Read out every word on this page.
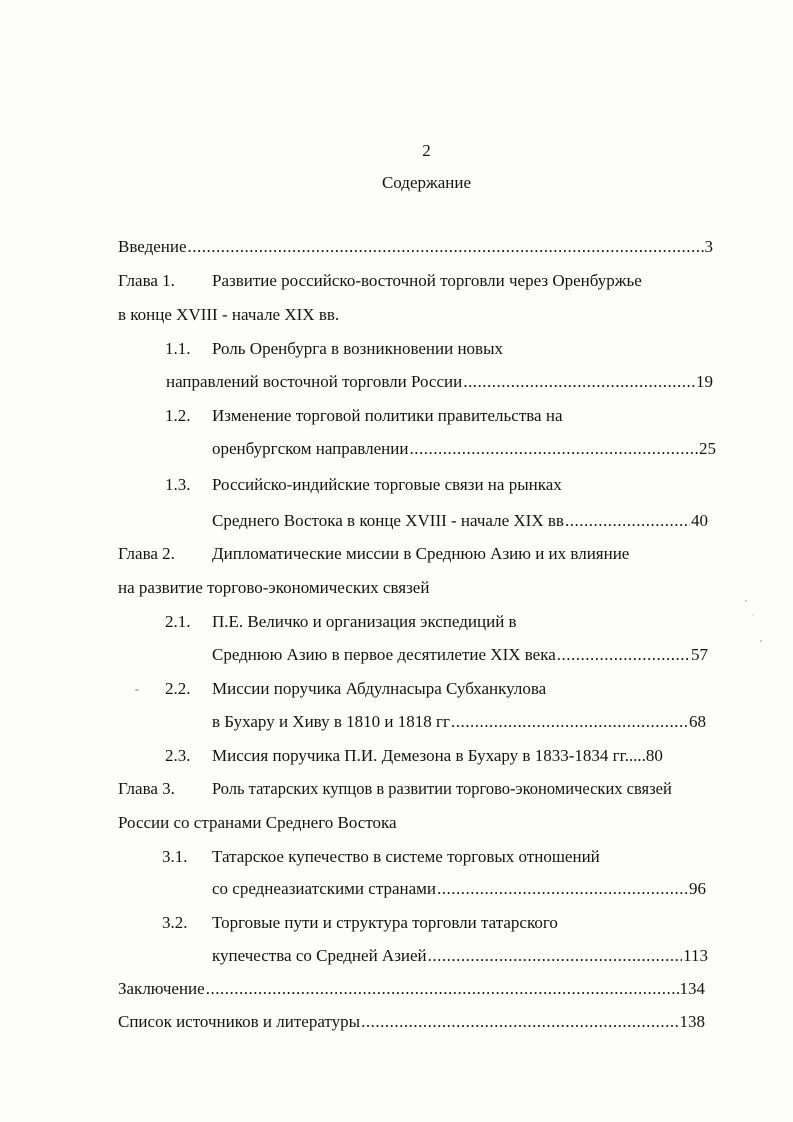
2
Содержание
Введение .....	3
Глава 1. Развитие российско-восточной торговли через Оренбуржье
в конце XVIII - начале XIX вв.
1.1. Роль Оренбурга в возникновении новых
направлений восточной торговли России .....	19
1.2. Изменение торговой политики правительства на
оренбургском направлении .....	25
1.3. Российско-индийские торговые связи на рынках
Среднего Востока в конце XVIII - начале XIX вв .....	40
Глава 2. Дипломатические миссии в Среднюю Азию и их влияние
на развитие торгово-экономических связей
2.1. П.Е. Величко и организация экспедиций в
Среднюю Азию в первое десятилетие XIX века .....	57
2.2. Миссии поручика Абдулнасыра Субханкулова
в Бухару и Хиву в 1810 и 1818 гг .....	68
2.3. Миссия поручика П.И. Демезона в Бухару в 1833-1834 гг.....80
Глава 3. Роль татарских купцов в развитии торгово-экономических связей
России со странами Среднего Востока
3.1. Татарское купечество в системе торговых отношений
со среднеазиатскими странами .....	96
3.2. Торговые пути и структура торговли татарского
купечества со Средней Азией .....	113
Заключение .....	134
Список источников и литературы .....	138
